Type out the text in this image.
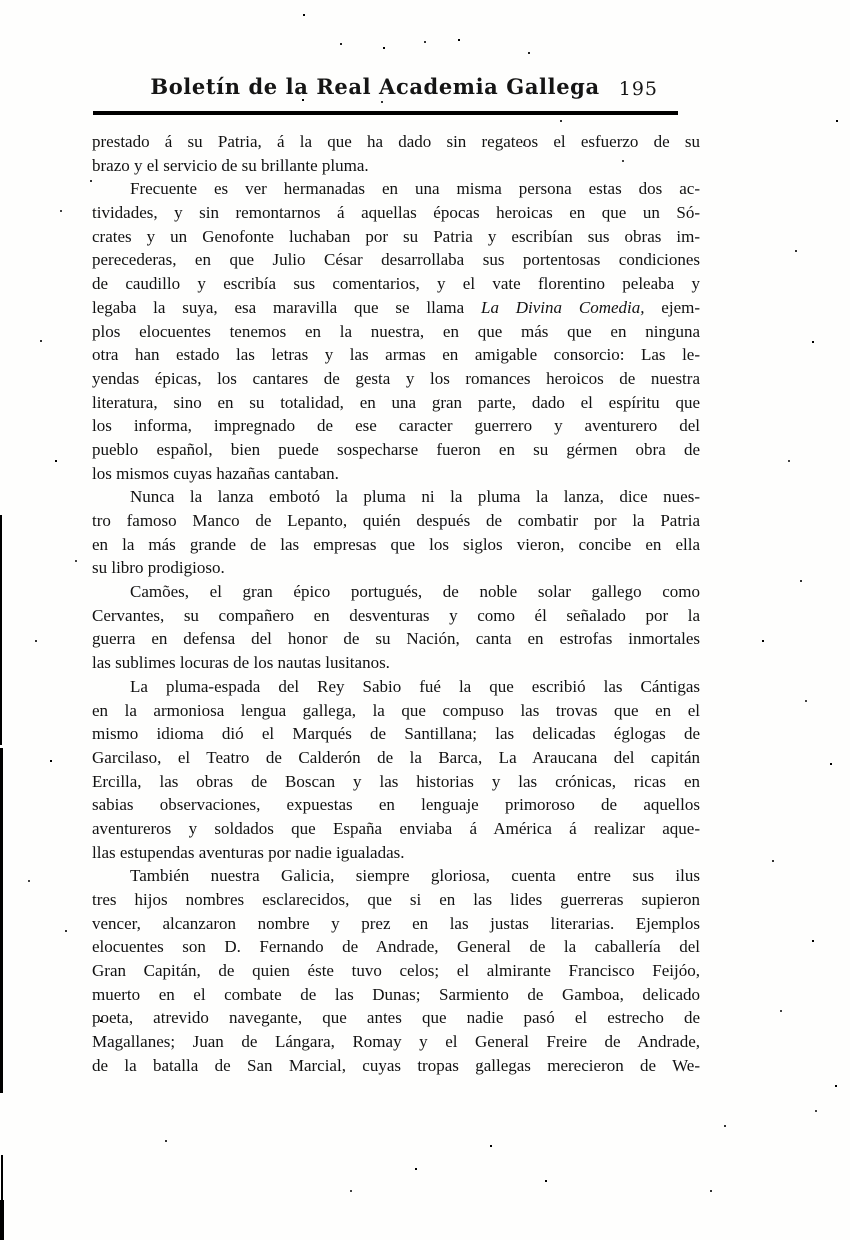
Boletín de la Real Academia Gallega	195
prestado á su Patria, á la que ha dado sin regateos el esfuerzo de su
brazo y el servicio de su brillante pluma.
Frecuente es ver hermanadas en una misma persona estas dos ac-
tividades, y sin remontarnos á aquellas épocas heroicas en que un Só-
crates y un Genofonte luchaban por su Patria y escribían sus obras im-
perecederas, en que Julio César desarrollaba sus portentosas condiciones
de caudillo y escribía sus comentarios, y el vate florentino peleaba y
legaba la suya, esa maravilla que se llama La Divina Comedia, ejem-
plos elocuentes tenemos en la nuestra, en que más que en ninguna
otra han estado las letras y las armas en amigable consorcio: Las le-
yendas épicas, los cantares de gesta y los romances heroicos de nuestra
literatura, sino en su totalidad, en una gran parte, dado el espíritu que
los informa, impregnado de ese caracter guerrero y aventurero del
pueblo español, bien puede sospecharse fueron en su gérmen obra de
los mismos cuyas hazañas cantaban.
Nunca la lanza embotó la pluma ni la pluma la lanza, dice nues-
tro famoso Manco de Lepanto, quién después de combatir por la Patria
en la más grande de las empresas que los siglos vieron, concibe en ella
su libro prodigioso.
Camões, el gran épico portugués, de noble solar gallego como
Cervantes, su compañero en desventuras y como él señalado por la
guerra en defensa del honor de su Nación, canta en estrofas inmortales
las sublimes locuras de los nautas lusitanos.
La pluma-espada del Rey Sabio fué la que escribió las Cántigas
en la armoniosa lengua gallega, la que compuso las trovas que en el
mismo idioma dió el Marqués de Santillana; las delicadas églogas de
Garcilaso, el Teatro de Calderón de la Barca, La Araucana del capitán
Ercilla, las obras de Boscan y las historias y las crónicas, ricas en
sabias observaciones, expuestas en lenguaje primoroso de aquellos
aventureros y soldados que España enviaba á América á realizar aque-
llas estupendas aventuras por nadie igualadas.
También nuestra Galicia, siempre gloriosa, cuenta entre sus ilus
tres hijos nombres esclarecidos, que si en las lides guerreras supieron
vencer, alcanzaron nombre y prez en las justas literarias. Ejemplos
elocuentes son D. Fernando de Andrade, General de la caballería del
Gran Capitán, de quien éste tuvo celos; el almirante Francisco Feijóo,
muerto en el combate de las Dunas; Sarmiento de Gamboa, delicado
poeta, atrevido navegante, que antes que nadie pasó el estrecho de
Magallanes; Juan de Lángara, Romay y el General Freire de Andrade,
de la batalla de San Marcial, cuyas tropas gallegas merecieron de We-
